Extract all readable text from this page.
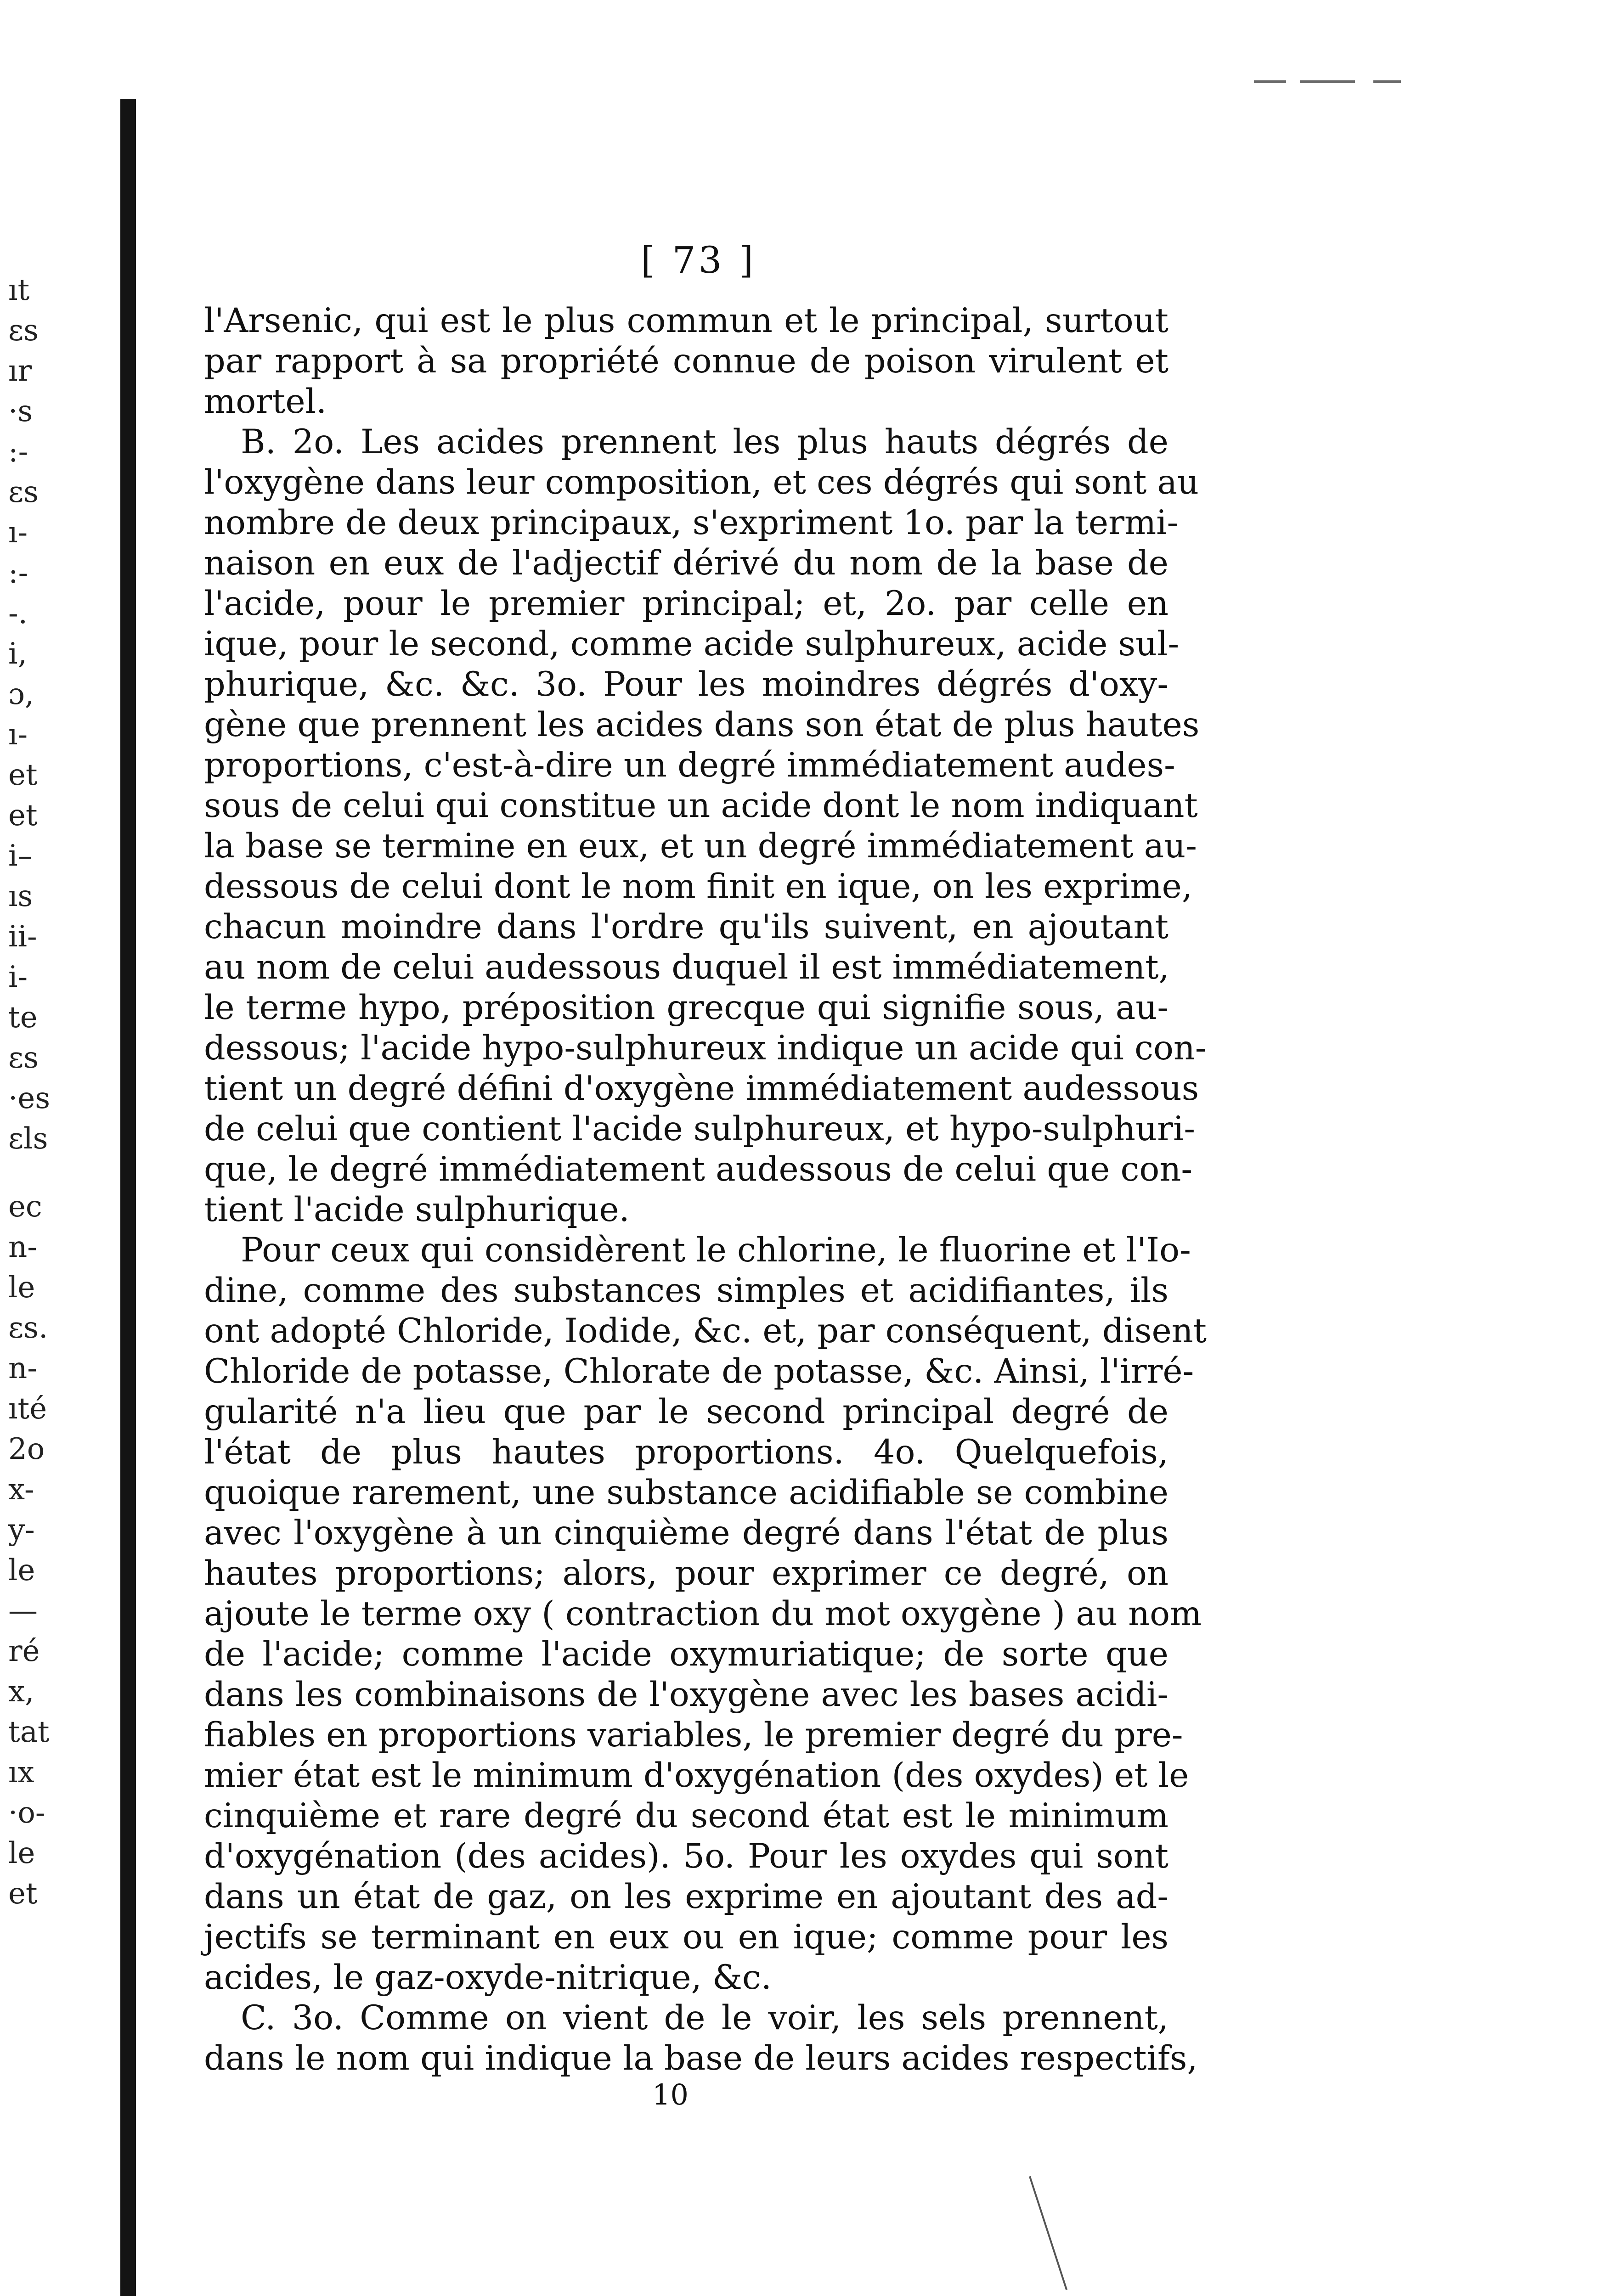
ıt
ɛs
ır
·s
:-
ɛs
ı-
:-
-.
i,
ɔ,
ı-
et
et
i–
ıs
ii-
i-
te
ɛs
·es
ɛls
ec
n-
le
ɛs.
n-
ıté
2o
x-
y-
le
—
ré
x,
tat
ıx
·o-
le
et
[ 73 ]
l'Arsenic, qui est le plus commun et le principal, surtout
par rapport à sa propriété connue de poison virulent et
mortel.
B. 2o. Les acides prennent les plus hauts dégrés de
l'oxygène dans leur composition, et ces dégrés qui sont au
nombre de deux principaux, s'expriment 1o. par la termi-
naison en eux de l'adjectif dérivé du nom de la base de
l'acide, pour le premier principal; et, 2o. par celle en
ique, pour le second, comme acide sulphureux, acide sul-
phurique, &c. &c. 3o. Pour les moindres dégrés d'oxy-
gène que prennent les acides dans son état de plus hautes
proportions, c'est-à-dire un degré immédiatement audes-
sous de celui qui constitue un acide dont le nom indiquant
la base se termine en eux, et un degré immédiatement au-
dessous de celui dont le nom finit en ique, on les exprime,
chacun moindre dans l'ordre qu'ils suivent, en ajoutant
au nom de celui audessous duquel il est immédiatement,
le terme hypo, préposition grecque qui signifie sous, au-
dessous; l'acide hypo-sulphureux indique un acide qui con-
tient un degré défini d'oxygène immédiatement audessous
de celui que contient l'acide sulphureux, et hypo-sulphuri-
que, le degré immédiatement audessous de celui que con-
tient l'acide sulphurique.
Pour ceux qui considèrent le chlorine, le fluorine et l'Io-
dine, comme des substances simples et acidifiantes, ils
ont adopté Chloride, Iodide, &c. et, par conséquent, disent
Chloride de potasse, Chlorate de potasse, &c. Ainsi, l'irré-
gularité n'a lieu que par le second principal degré de
l'état de plus hautes proportions. 4o. Quelquefois,
quoique rarement, une substance acidifiable se combine
avec l'oxygène à un cinquième degré dans l'état de plus
hautes proportions; alors, pour exprimer ce degré, on
ajoute le terme oxy ( contraction du mot oxygène ) au nom
de l'acide; comme l'acide oxymuriatique; de sorte que
dans les combinaisons de l'oxygène avec les bases acidi-
fiables en proportions variables, le premier degré du pre-
mier état est le minimum d'oxygénation (des oxydes) et le
cinquième et rare degré du second état est le minimum
d'oxygénation (des acides). 5o. Pour les oxydes qui sont
dans un état de gaz, on les exprime en ajoutant des ad-
jectifs se terminant en eux ou en ique; comme pour les
acides, le gaz-oxyde-nitrique, &c.
C. 3o. Comme on vient de le voir, les sels prennent,
dans le nom qui indique la base de leurs acides respectifs,
10
